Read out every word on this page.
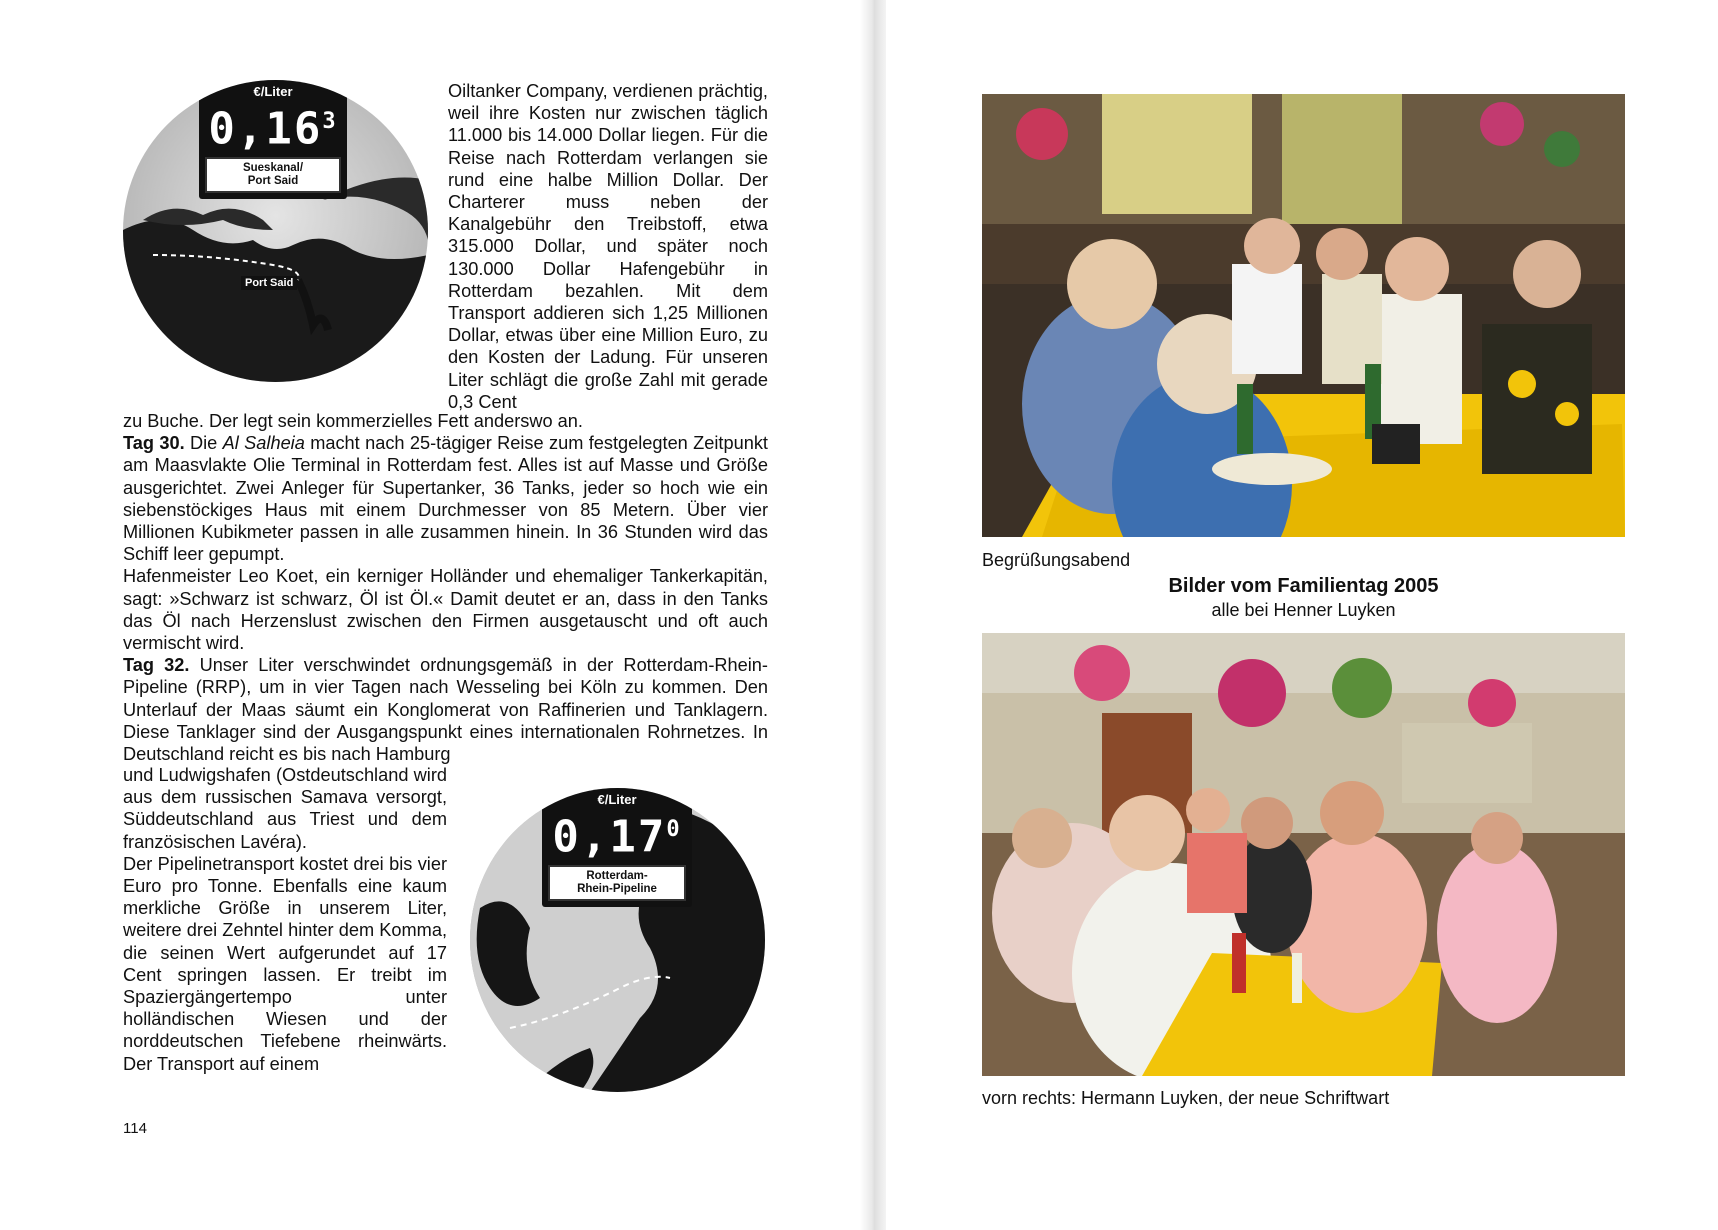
€/Liter
0,16$^3$
Sueskanal/
Port Said
Port Said

Oiltanker Company, verdienen prächtig, weil ihre Kosten nur zwischen täglich 11.000 bis 14.000 Dollar liegen. Für die Reise nach Rotterdam verlangen sie rund eine halbe Million Dollar. Der Charterer muss neben der Kanalgebühr den Treibstoff, etwa 315.000 Dollar, und später noch 130.000 Dollar Hafengebühr in Rotterdam bezahlen. Mit dem Transport addieren sich 1,25 Millionen Dollar, etwas über eine Million Euro, zu den Kosten der Ladung. Für unseren Liter schlägt die große Zahl mit gerade 0,3 Cent

zu Buche. Der legt sein kommerzielles Fett anderswo an.

Tag 30. Die Al Salheia macht nach 25-tägiger Reise zum festgelegten Zeitpunkt am Maasvlakte Olie Terminal in Rotterdam fest. Alles ist auf Masse und Größe ausgerichtet. Zwei Anleger für Supertanker, 36 Tanks, jeder so hoch wie ein siebenstöckiges Haus mit einem Durchmesser von 85 Metern. Über vier Millionen Kubikmeter passen in alle zusammen hinein. In 36 Stunden wird das Schiff leer gepumpt.

Hafenmeister Leo Koet, ein kerniger Holländer und ehemaliger Tankerkapitän, sagt: »Schwarz ist schwarz, Öl ist Öl.« Damit deutet er an, dass in den Tanks das Öl nach Herzenslust zwischen den Firmen ausgetauscht und oft auch vermischt wird.

Tag 32. Unser Liter verschwindet ordnungsgemäß in der Rotterdam-Rhein-Pipeline (RRP), um in vier Tagen nach Wesseling bei Köln zu kommen. Den Unterlauf der Maas säumt ein Konglomerat von Raffinerien und Tanklagern. Diese Tanklager sind der Ausgangspunkt eines internationalen Rohrnetzes. In Deutschland reicht es bis nach Hamburg

und Ludwigshafen (Ostdeutschland wird aus dem russischen Samava versorgt, Süddeutschland aus Triest und dem französischen Lavéra).

Der Pipelinetransport kostet drei bis vier Euro pro Tonne. Ebenfalls eine kaum merkliche Größe in unserem Liter, weitere drei Zehntel hinter dem Komma, die seinen Wert aufgerundet auf 17 Cent springen lassen. Er treibt im Spaziergängertempo unter holländischen Wiesen und der norddeutschen Tiefebene rheinwärts. Der Transport auf einem

€/Liter
0,17$^0$
Rotterdam-
Rhein-Pipeline
114
Begrüßungsabend
Bilder vom Familientag 2005
alle bei Henner Luyken
vorn rechts: Hermann Luyken, der neue Schriftwart
